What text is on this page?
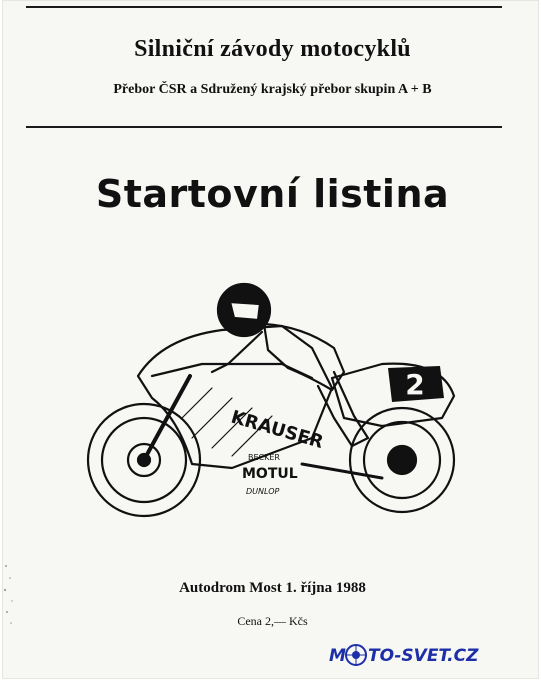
Silniční závody motocyklů
Přebor ČSR a Sdružený krajský přebor skupin A + B
Startovní listina
2
KRAUSER
BECKER
MOTUL
DUNLOP
Autodrom Most 1. října 1988
Cena 2,— Kčs
M TO-SVET.CZ
